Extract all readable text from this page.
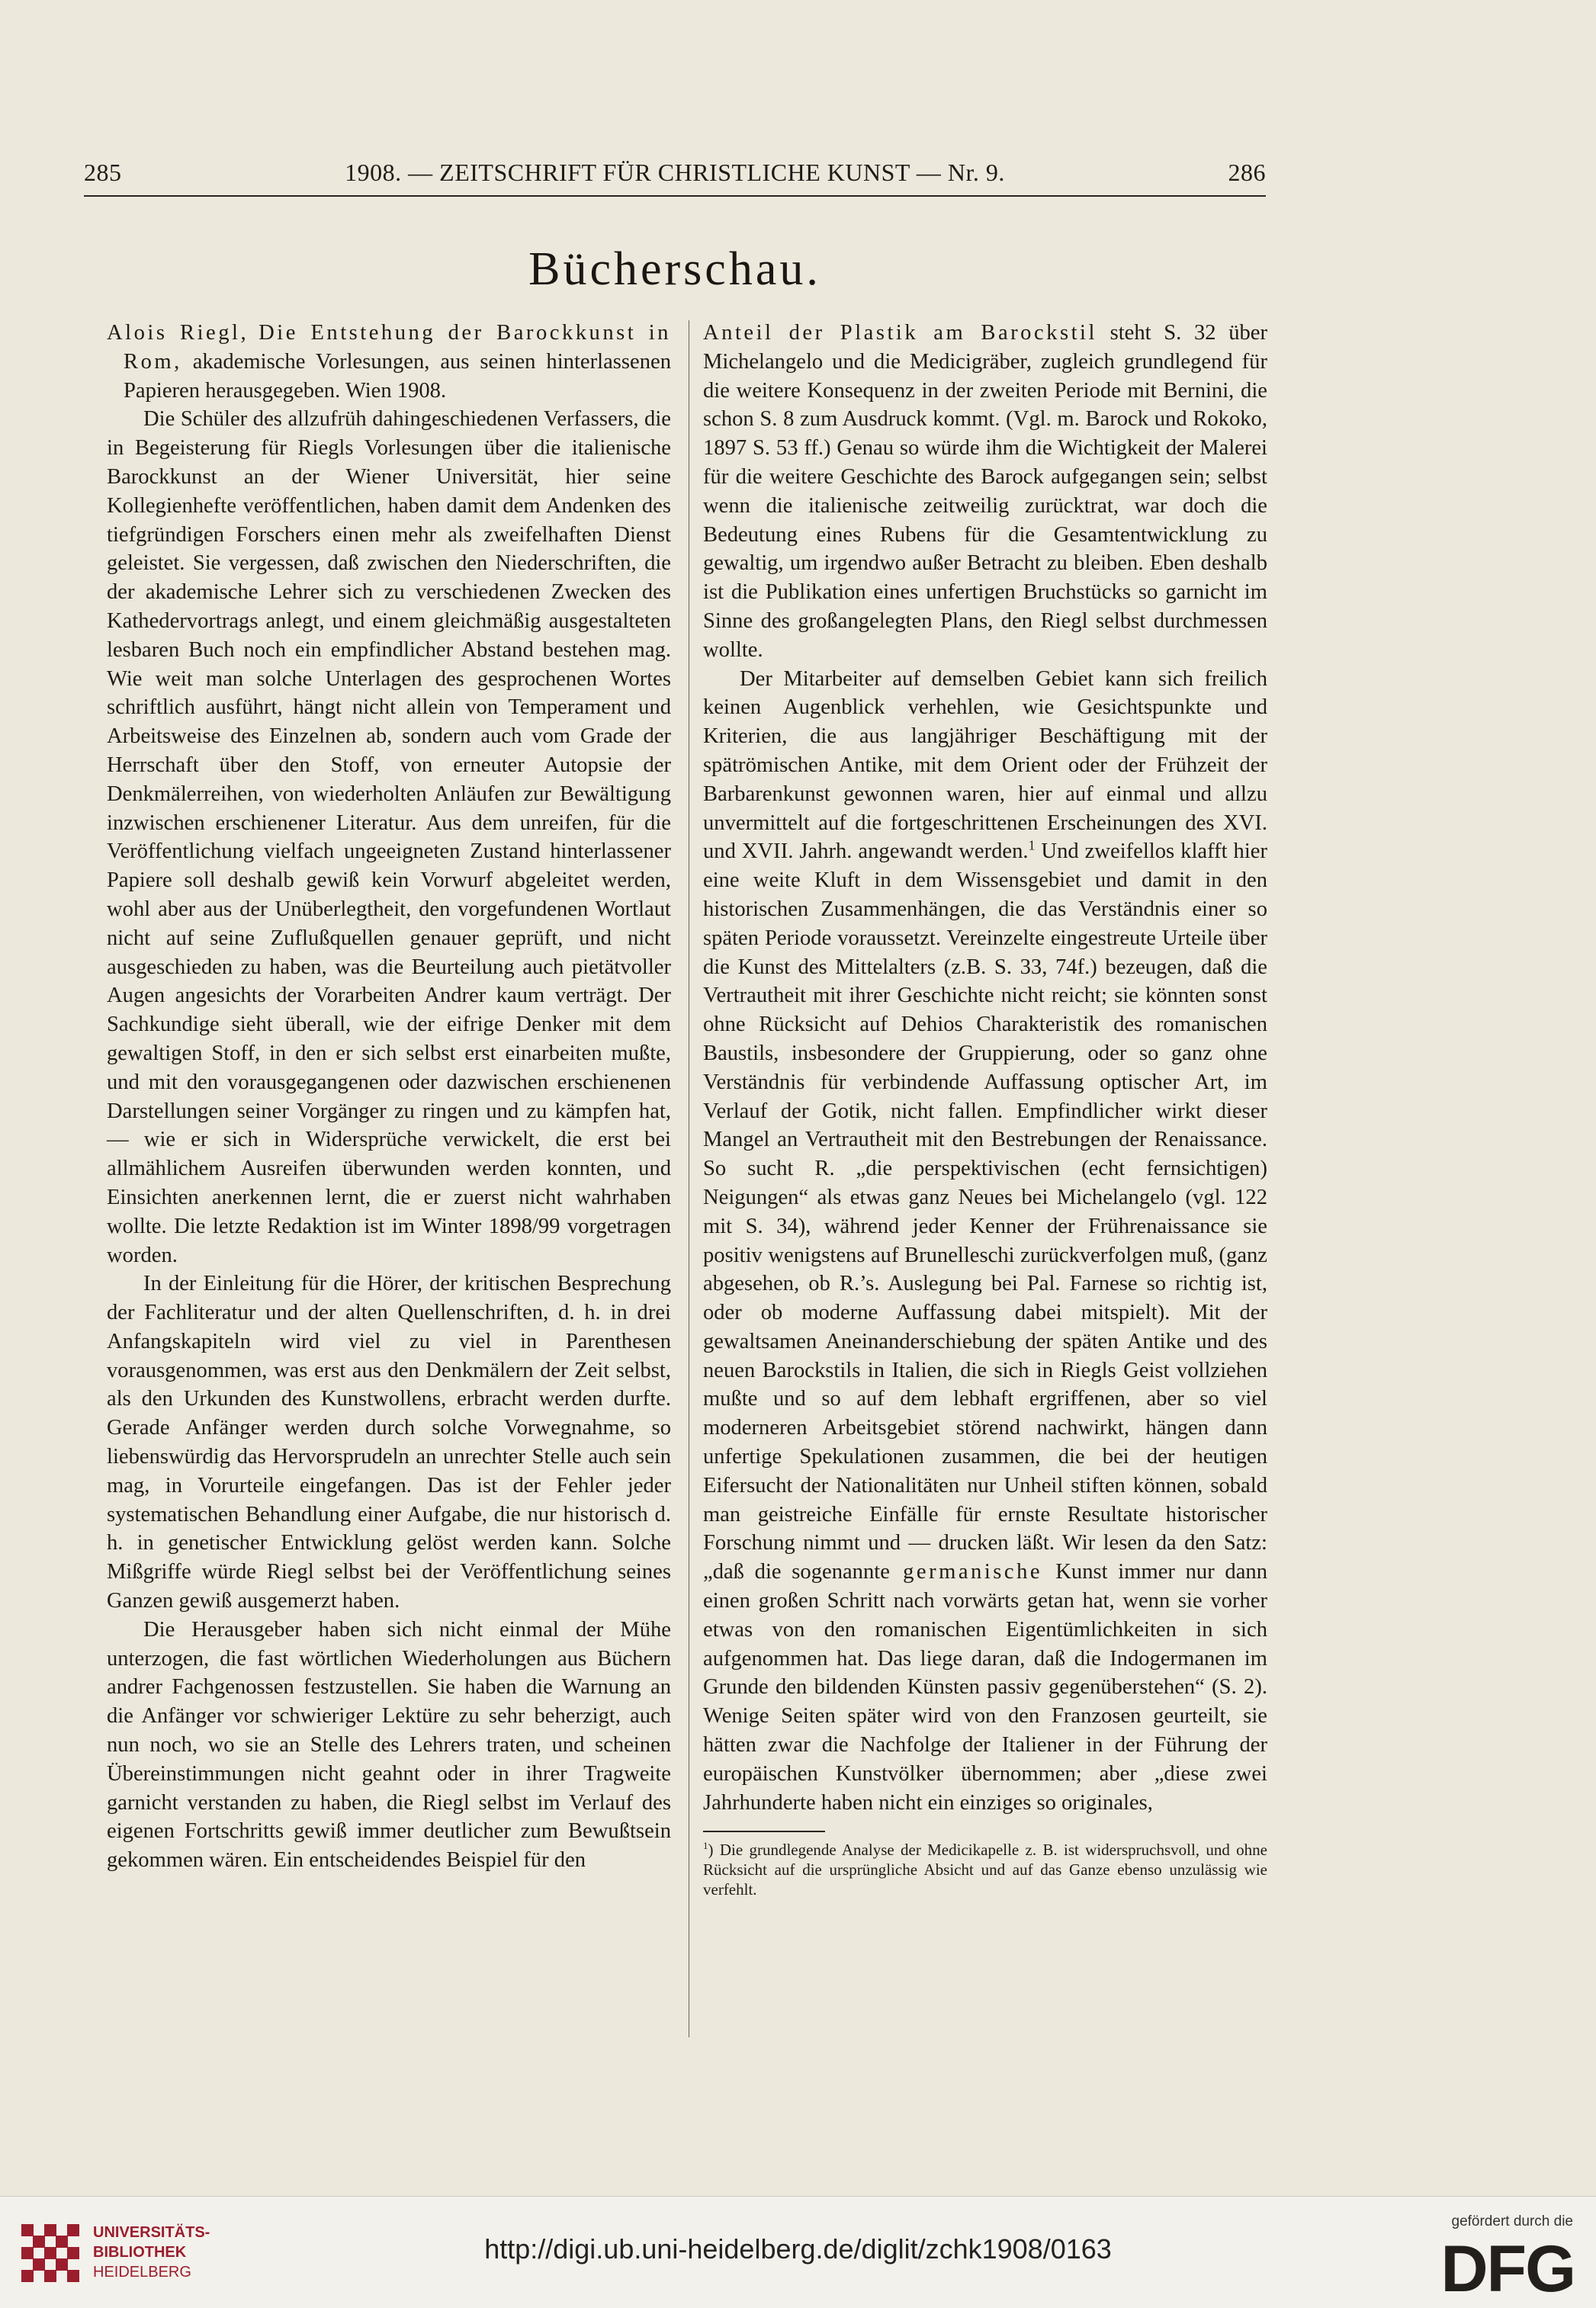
285	1908. — ZEITSCHRIFT FÜR CHRISTLICHE KUNST — Nr. 9.	286
Bücherschau.

Alois Riegl, Die Entstehung der Barockkunst in Rom, akademische Vorlesungen, aus seinen hinterlassenen Papieren herausgegeben. Wien 1908.

Die Schüler des allzufrüh dahingeschiedenen Verfassers, die in Begeisterung für Riegls Vorlesungen über die italienische Barockkunst an der Wiener Universität, hier seine Kollegienhefte veröffentlichen, haben damit dem Andenken des tiefgründigen Forschers einen mehr als zweifelhaften Dienst geleistet. Sie vergessen, daß zwischen den Niederschriften, die der akademische Lehrer sich zu verschiedenen Zwecken des Kathedervortrags anlegt, und einem gleichmäßig ausgestalteten lesbaren Buch noch ein empfindlicher Abstand bestehen mag. Wie weit man solche Unterlagen des gesprochenen Wortes schriftlich ausführt, hängt nicht allein von Temperament und Arbeitsweise des Einzelnen ab, sondern auch vom Grade der Herrschaft über den Stoff, von erneuter Autopsie der Denkmälerreihen, von wiederholten Anläufen zur Bewältigung inzwischen erschienener Literatur. Aus dem unreifen, für die Veröffentlichung vielfach ungeeigneten Zustand hinterlassener Papiere soll deshalb gewiß kein Vorwurf abgeleitet werden, wohl aber aus der Unüberlegtheit, den vorgefundenen Wortlaut nicht auf seine Zuflußquellen genauer geprüft, und nicht ausgeschieden zu haben, was die Beurteilung auch pietätvoller Augen angesichts der Vorarbeiten Andrer kaum verträgt. Der Sachkundige sieht überall, wie der eifrige Denker mit dem gewaltigen Stoff, in den er sich selbst erst einarbeiten mußte, und mit den vorausgegangenen oder dazwischen erschienenen Darstellungen seiner Vorgänger zu ringen und zu kämpfen hat, — wie er sich in Widersprüche verwickelt, die erst bei allmählichem Ausreifen überwunden werden konnten, und Einsichten anerkennen lernt, die er zuerst nicht wahrhaben wollte. Die letzte Redaktion ist im Winter 1898/99 vorgetragen worden.

In der Einleitung für die Hörer, der kritischen Besprechung der Fachliteratur und der alten Quellenschriften, d. h. in drei Anfangskapiteln wird viel zu viel in Parenthesen vorausgenommen, was erst aus den Denkmälern der Zeit selbst, als den Urkunden des Kunstwollens, erbracht werden durfte. Gerade Anfänger werden durch solche Vorwegnahme, so liebenswürdig das Hervorsprudeln an unrechter Stelle auch sein mag, in Vorurteile eingefangen. Das ist der Fehler jeder systematischen Behandlung einer Aufgabe, die nur historisch d. h. in genetischer Entwicklung gelöst werden kann. Solche Mißgriffe würde Riegl selbst bei der Veröffentlichung seines Ganzen gewiß ausgemerzt haben.

Die Herausgeber haben sich nicht einmal der Mühe unterzogen, die fast wörtlichen Wiederholungen aus Büchern andrer Fachgenossen festzustellen. Sie haben die Warnung an die Anfänger vor schwieriger Lektüre zu sehr beherzigt, auch nun noch, wo sie an Stelle des Lehrers traten, und scheinen Übereinstimmungen nicht geahnt oder in ihrer Tragweite garnicht verstanden zu haben, die Riegl selbst im Verlauf des eigenen Fortschritts gewiß immer deutlicher zum Bewußtsein gekommen wären. Ein entscheidendes Beispiel für den

Anteil der Plastik am Barockstil steht S. 32 über Michelangelo und die Medicigräber, zugleich grundlegend für die weitere Konsequenz in der zweiten Periode mit Bernini, die schon S. 8 zum Ausdruck kommt. (Vgl. m. Barock und Rokoko, 1897 S. 53 ff.) Genau so würde ihm die Wichtigkeit der Malerei für die weitere Geschichte des Barock aufgegangen sein; selbst wenn die italienische zeitweilig zurücktrat, war doch die Bedeutung eines Rubens für die Gesamtentwicklung zu gewaltig, um irgendwo außer Betracht zu bleiben. Eben deshalb ist die Publikation eines unfertigen Bruchstücks so garnicht im Sinne des großangelegten Plans, den Riegl selbst durchmessen wollte.

Der Mitarbeiter auf demselben Gebiet kann sich freilich keinen Augenblick verhehlen, wie Gesichtspunkte und Kriterien, die aus langjähriger Beschäftigung mit der spätrömischen Antike, mit dem Orient oder der Frühzeit der Barbarenkunst gewonnen waren, hier auf einmal und allzu unvermittelt auf die fortgeschrittenen Erscheinungen des XVI. und XVII. Jahrh. angewandt werden.$^1$ Und zweifellos klafft hier eine weite Kluft in dem Wissensgebiet und damit in den historischen Zusammenhängen, die das Verständnis einer so späten Periode voraussetzt. Vereinzelte eingestreute Urteile über die Kunst des Mittelalters (z.B. S. 33, 74f.) bezeugen, daß die Vertrautheit mit ihrer Geschichte nicht reicht; sie könnten sonst ohne Rücksicht auf Dehios Charakteristik des romanischen Baustils, insbesondere der Gruppierung, oder so ganz ohne Verständnis für verbindende Auffassung optischer Art, im Verlauf der Gotik, nicht fallen. Empfindlicher wirkt dieser Mangel an Vertrautheit mit den Bestrebungen der Renaissance. So sucht R. „die perspektivischen (echt fernsichtigen) Neigungen“ als etwas ganz Neues bei Michelangelo (vgl. 122 mit S. 34), während jeder Kenner der Frührenaissance sie positiv wenigstens auf Brunelleschi zurückverfolgen muß, (ganz abgesehen, ob R.’s. Auslegung bei Pal. Farnese so richtig ist, oder ob moderne Auffassung dabei mitspielt). Mit der gewaltsamen Aneinanderschiebung der späten Antike und des neuen Barockstils in Italien, die sich in Riegls Geist vollziehen mußte und so auf dem lebhaft ergriffenen, aber so viel moderneren Arbeitsgebiet störend nachwirkt, hängen dann unfertige Spekulationen zusammen, die bei der heutigen Eifersucht der Nationalitäten nur Unheil stiften können, sobald man geistreiche Einfälle für ernste Resultate historischer Forschung nimmt und — drucken läßt. Wir lesen da den Satz: „daß die sogenannte germanische Kunst immer nur dann einen großen Schritt nach vorwärts getan hat, wenn sie vorher etwas von den romanischen Eigentümlichkeiten in sich aufgenommen hat. Das liege daran, daß die Indogermanen im Grunde den bildenden Künsten passiv gegenüberstehen“ (S. 2). Wenige Seiten später wird von den Franzosen geurteilt, sie hätten zwar die Nachfolge der Italiener in der Führung der europäischen Kunstvölker übernommen; aber „diese zwei Jahrhunderte haben nicht ein einziges so originales,

$^1$) Die grundlegende Analyse der Medicikapelle z. B. ist widerspruchsvoll, und ohne Rücksicht auf die ursprüngliche Absicht und auf das Ganze ebenso unzulässig wie verfehlt.
UNIVERSITÄTS-
BIBLIOTHEK
HEIDELBERG
http://digi.ub.uni-heidelberg.de/diglit/zchk1908/0163
gefördert durch die
DFG
